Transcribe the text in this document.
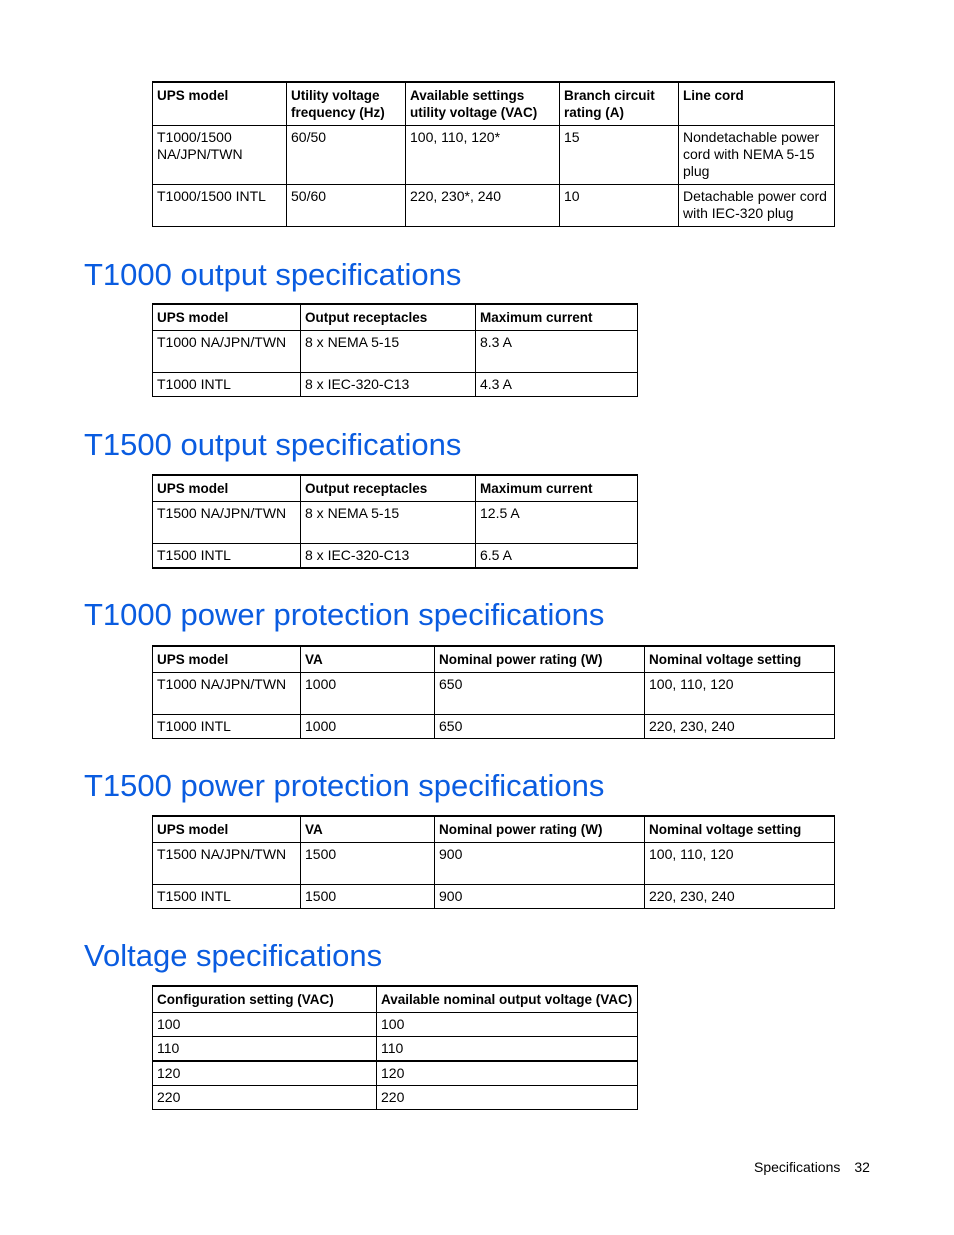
UPS model	Utility voltage frequency (Hz)	Available settings utility voltage (VAC)	Branch circuit rating (A)	Line cord
T1000/1500 NA/JPN/TWN	60/50	100, 110, 120*	15	Nondetachable power cord with NEMA 5-15 plug
T1000/1500 INTL	50/60	220, 230*, 240	10	Detachable power cord with IEC-320 plug
T1000 output specifications
UPS model	Output receptacles	Maximum current
T1000 NA/JPN/TWN	8 x NEMA 5-15	8.3 A
T1000 INTL	8 x IEC-320-C13	4.3 A
T1500 output specifications
UPS model	Output receptacles	Maximum current
T1500 NA/JPN/TWN	8 x NEMA 5-15	12.5 A
T1500 INTL	8 x IEC-320-C13	6.5 A
T1000 power protection specifications
UPS model	VA	Nominal power rating (W)	Nominal voltage setting
T1000 NA/JPN/TWN	1000	650	100, 110, 120
T1000 INTL	1000	650	220, 230, 240
T1500 power protection specifications
UPS model	VA	Nominal power rating (W)	Nominal voltage setting
T1500 NA/JPN/TWN	1500	900	100, 110, 120
T1500 INTL	1500	900	220, 230, 240
Voltage specifications
Configuration setting (VAC)	Available nominal output voltage (VAC)
100	100
110	110
120	120
220	220
Specifications 32
